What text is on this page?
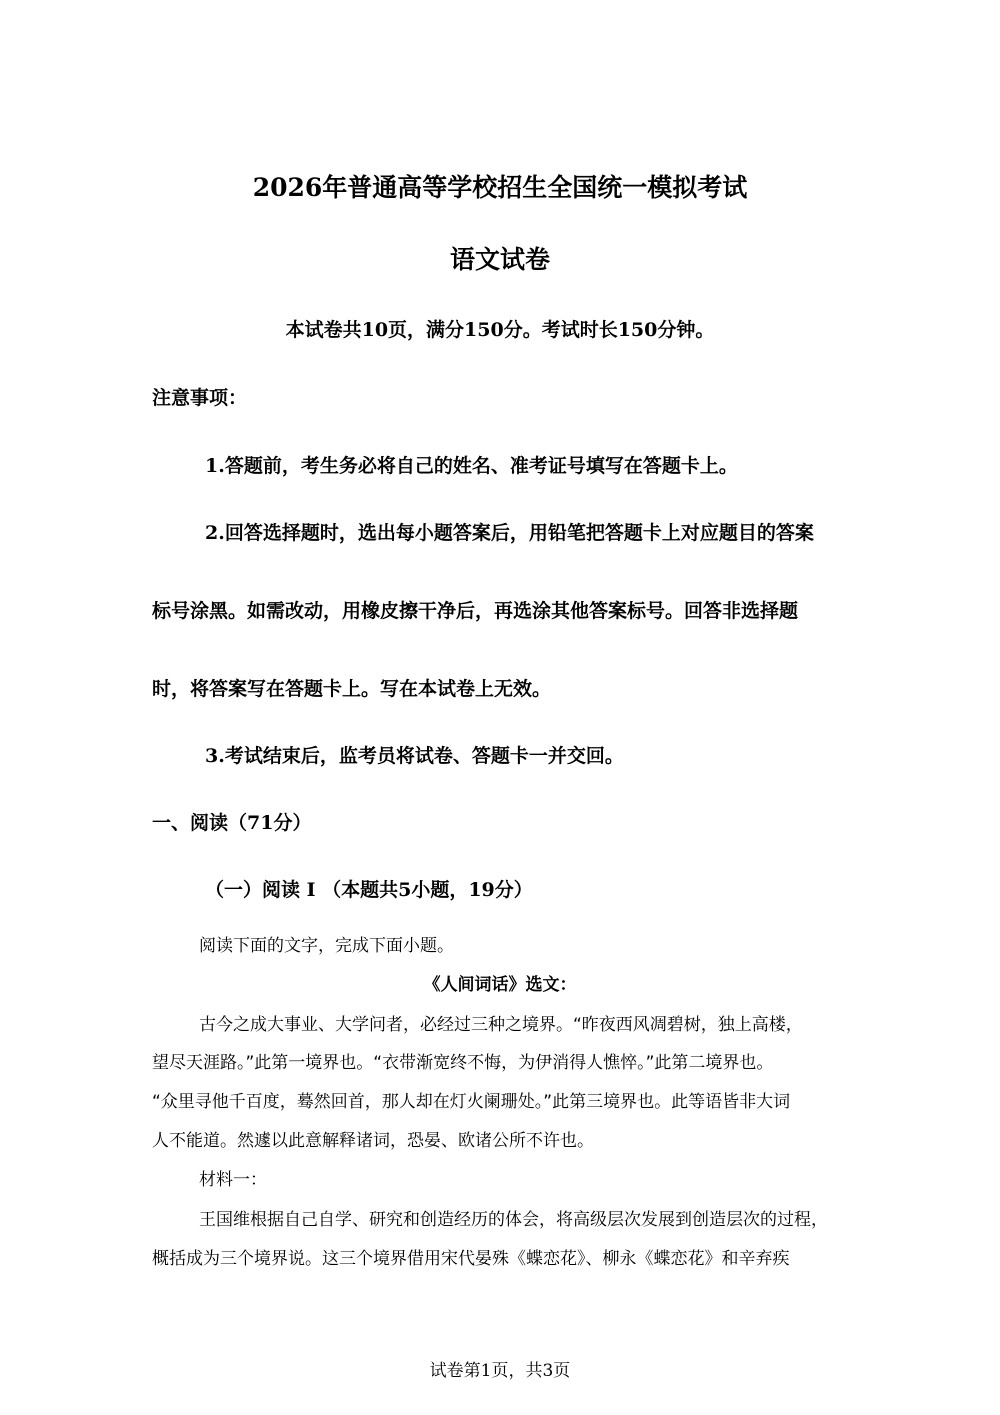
2026年普通高等学校招生全国统一模拟考试
语文试卷
本试卷共10页，满分150分。考试时长150分钟。
注意事项：
1.答题前，考生务必将自己的姓名、准考证号填写在答题卡上。
2.回答选择题时，选出每小题答案后，用铅笔把答题卡上对应题目的答案
标号涂黑。如需改动，用橡皮擦干净后，再选涂其他答案标号。回答非选择题
时，将答案写在答题卡上。写在本试卷上无效。
3.考试结束后，监考员将试卷、答题卡一并交回。
一、阅读（71分）
（一）阅读 I （本题共5小题，19分）
阅读下面的文字，完成下面小题。
《人间词话》选文：
古今之成大事业、大学问者，必经过三种之境界。“昨夜西风凋碧树，独上高楼，
望尽天涯路。”此第一境界也。“衣带渐宽终不悔，为伊消得人憔悴。”此第二境界也。
“众里寻他千百度，蓦然回首，那人却在灯火阑珊处。”此第三境界也。此等语皆非大词
人不能道。然遽以此意解释诸词，恐晏、欧诸公所不许也。
材料一：
王国维根据自己自学、研究和创造经历的体会，将高级层次发展到创造层次的过程，
概括成为三个境界说。这三个境界借用宋代晏殊《蝶恋花》、柳永《蝶恋花》和辛弃疾
试卷第1页，共3页
